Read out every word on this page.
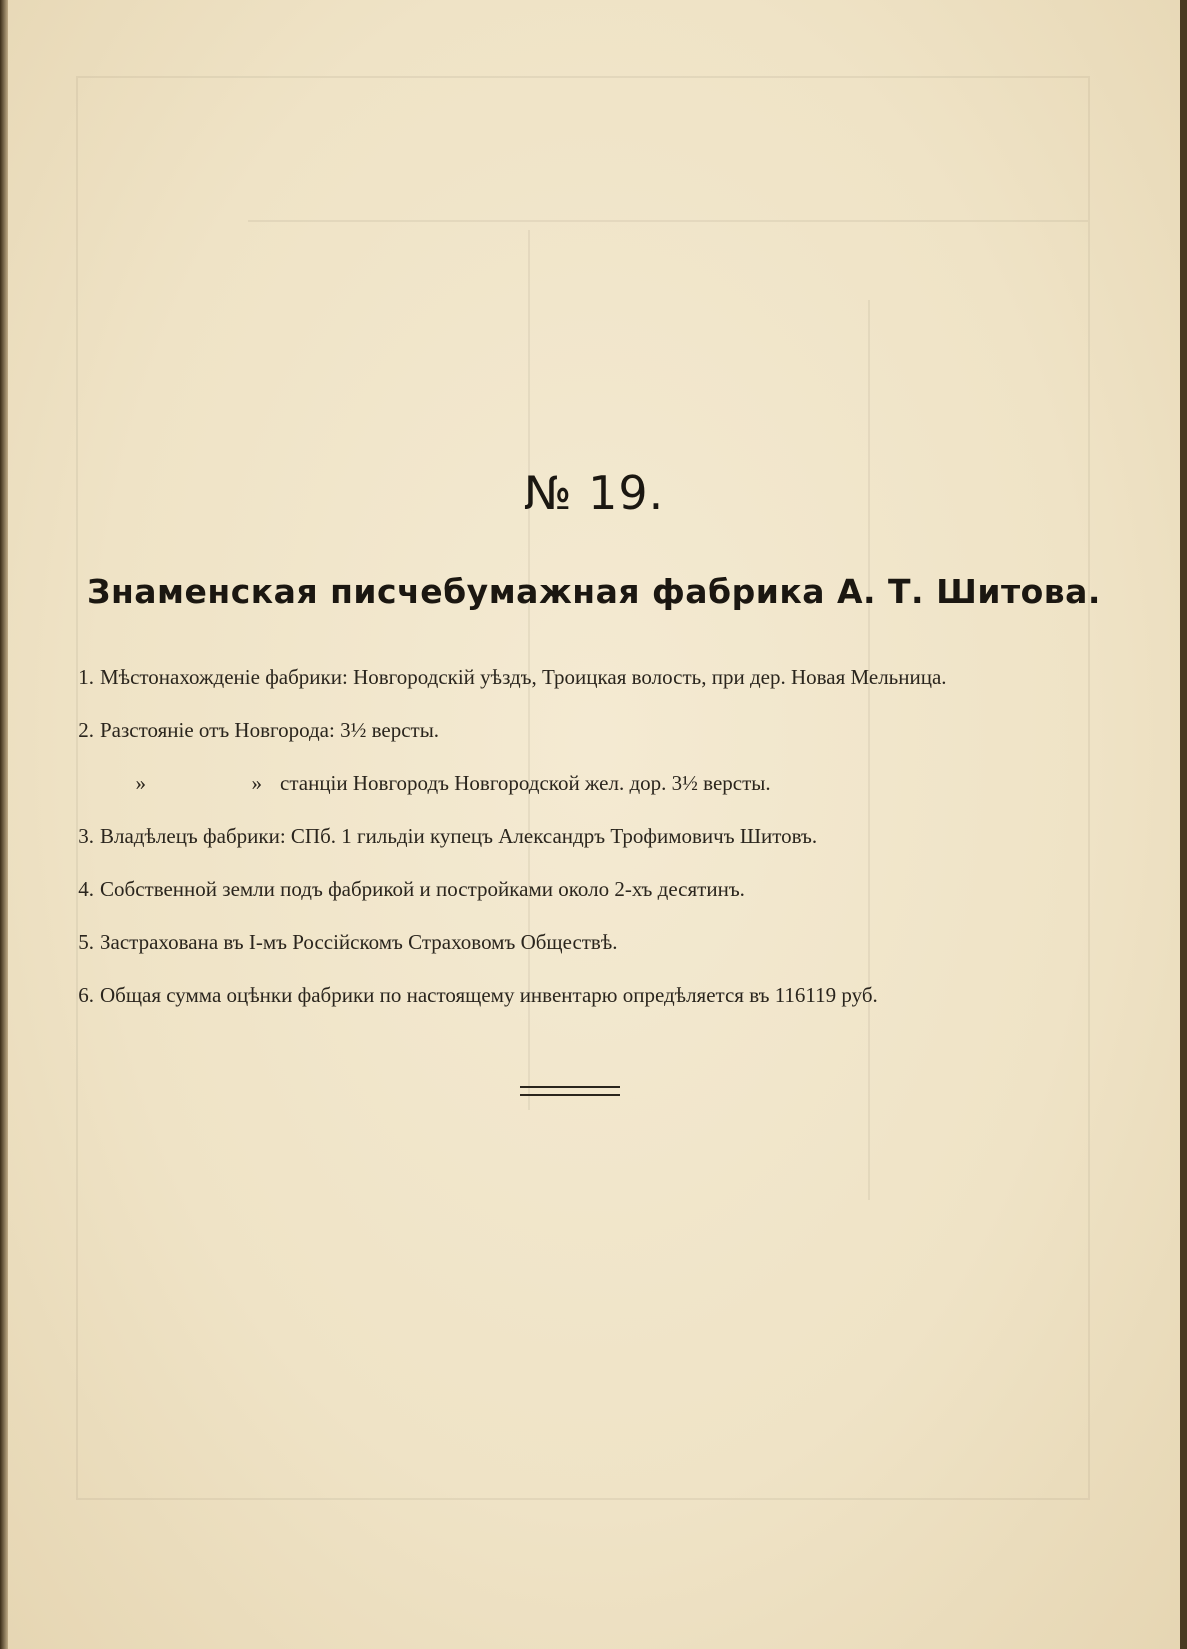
№ 19.
Знаменская писчебумажная фабрика А. Т. Шитова.
1. Мѣстонахожденіе фабрики: Новгородскій уѣздъ, Троицкая волость, при дер. Новая Мельница.
2. Разстояніе отъ Новгорода: 3½ версты.
»	» станціи Новгородъ Новгородской жел. дор. 3½ версты.
3. Владѣлецъ фабрики: СПб. 1 гильдіи купецъ Александръ Трофимовичъ Шитовъ.
4. Собственной земли подъ фабрикой и постройками около 2-хъ десятинъ.
5. Застрахована въ I-мъ Россійскомъ Страховомъ Обществѣ.
6. Общая сумма оцѣнки фабрики по настоящему инвентарю опредѣляется въ 116119 руб.
